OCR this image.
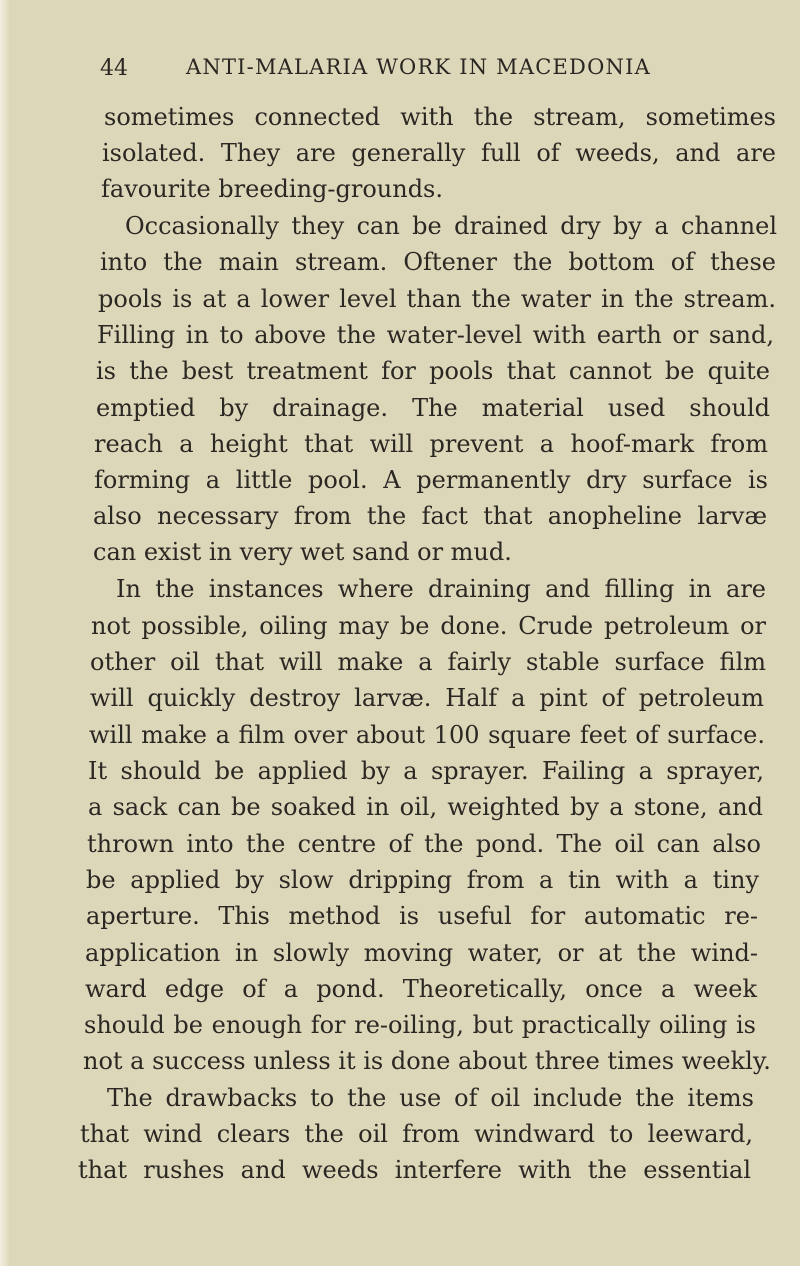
44	ANTI-MALARIA WORK IN MACEDONIA
sometimes connected with the stream, sometimes
isolated. They are generally full of weeds, and are
favourite breeding-grounds.
Occasionally they can be drained dry by a channel
into the main stream. Oftener the bottom of these
pools is at a lower level than the water in the stream.
Filling in to above the water-level with earth or sand,
is the best treatment for pools that cannot be quite
emptied by drainage. The material used should
reach a height that will prevent a hoof-mark from
forming a little pool. A permanently dry surface is
also necessary from the fact that anopheline larvæ
can exist in very wet sand or mud.
In the instances where draining and filling in are
not possible, oiling may be done. Crude petroleum or
other oil that will make a fairly stable surface film
will quickly destroy larvæ. Half a pint of petroleum
will make a film over about 100 square feet of surface.
It should be applied by a sprayer. Failing a sprayer,
a sack can be soaked in oil, weighted by a stone, and
thrown into the centre of the pond. The oil can also
be applied by slow dripping from a tin with a tiny
aperture. This method is useful for automatic re-
application in slowly moving water, or at the wind-
ward edge of a pond. Theoretically, once a week
should be enough for re-oiling, but practically oiling is
not a success unless it is done about three times weekly.
The drawbacks to the use of oil include the items
that wind clears the oil from windward to leeward,
that rushes and weeds interfere with the essential
